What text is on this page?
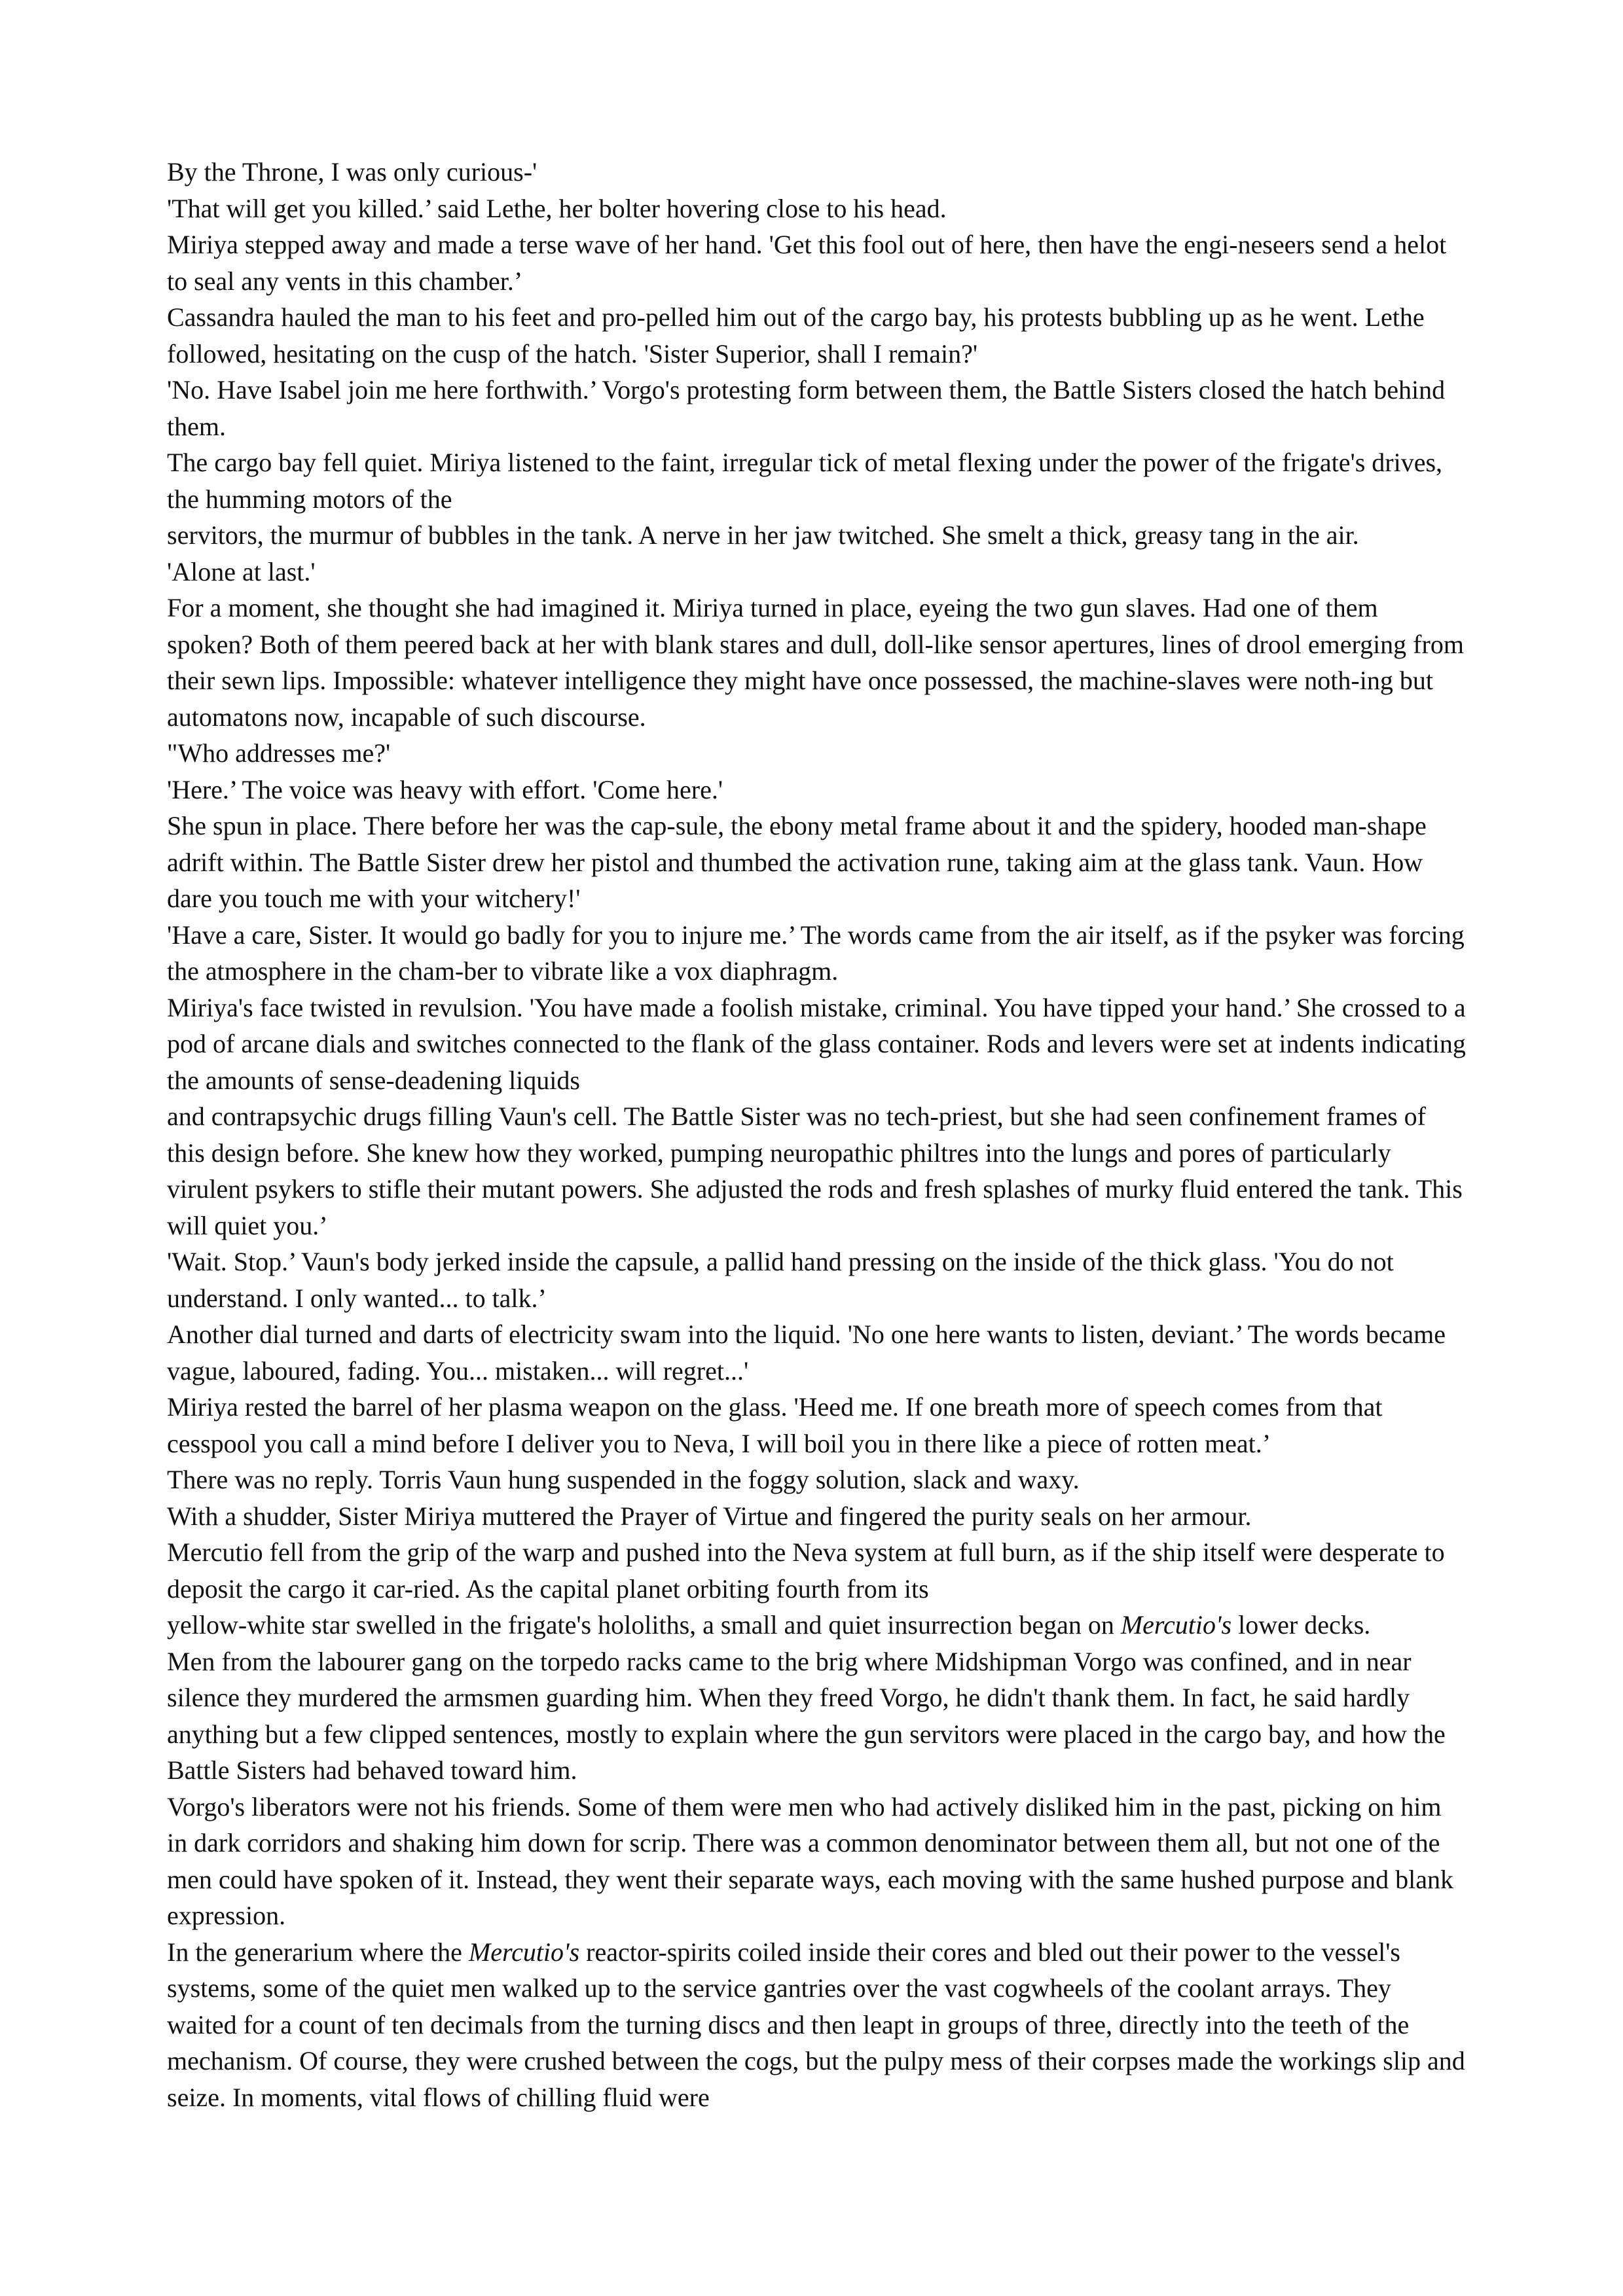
By the Throne, I was only curious-'

'That will get you killed.’ said Lethe, her bolter hovering close to his head.

Miriya stepped away and made a terse wave of her hand. 'Get this fool out of here, then have the engi-neseers send a helot to seal any vents in this chamber.’

Cassandra hauled the man to his feet and pro-pelled him out of the cargo bay, his protests bubbling up as he went. Lethe followed, hesitating on the cusp of the hatch. 'Sister Superior, shall I remain?'

'No. Have Isabel join me here forthwith.’ Vorgo's protesting form between them, the Battle Sisters closed the hatch behind them.

The cargo bay fell quiet. Miriya listened to the faint, irregular tick of metal flexing under the power of the frigate's drives, the humming motors of the

servitors, the murmur of bubbles in the tank. A nerve in her jaw twitched. She smelt a thick, greasy tang in the air.

'Alone at last.'

For a moment, she thought she had imagined it. Miriya turned in place, eyeing the two gun slaves. Had one of them spoken? Both of them peered back at her with blank stares and dull, doll-like sensor apertures, lines of drool emerging from their sewn lips. Impossible: whatever intelligence they might have once possessed, the machine-slaves were noth-ing but automatons now, incapable of such discourse.

"Who addresses me?'

'Here.’ The voice was heavy with effort. 'Come here.'

She spun in place. There before her was the cap-sule, the ebony metal frame about it and the spidery, hooded man-shape adrift within. The Battle Sister drew her pistol and thumbed the activation rune, taking aim at the glass tank. Vaun. How dare you touch me with your witchery!'

'Have a care, Sister. It would go badly for you to injure me.’ The words came from the air itself, as if the psyker was forcing the atmosphere in the cham-ber to vibrate like a vox diaphragm.

Miriya's face twisted in revulsion. 'You have made a foolish mistake, criminal. You have tipped your hand.’ She crossed to a pod of arcane dials and switches connected to the flank of the glass container. Rods and levers were set at indents indicating the amounts of sense-deadening liquids

and contrapsychic drugs filling Vaun's cell. The Battle Sister was no tech-priest, but she had seen confinement frames of this design before. She knew how they worked, pumping neuropathic philtres into the lungs and pores of particularly virulent psykers to stifle their mutant powers. She adjusted the rods and fresh splashes of murky fluid entered the tank. This will quiet you.’

'Wait. Stop.’ Vaun's body jerked inside the capsule, a pallid hand pressing on the inside of the thick glass. 'You do not understand. I only wanted... to talk.’

Another dial turned and darts of electricity swam into the liquid. 'No one here wants to listen, deviant.’ The words became vague, laboured, fading. You... mistaken... will regret...'

Miriya rested the barrel of her plasma weapon on the glass. 'Heed me. If one breath more of speech comes from that cesspool you call a mind before I deliver you to Neva, I will boil you in there like a piece of rotten meat.’

There was no reply. Torris Vaun hung suspended in the foggy solution, slack and waxy.

With a shudder, Sister Miriya muttered the Prayer of Virtue and fingered the purity seals on her armour.

Mercutio fell from the grip of the warp and pushed into the Neva system at full burn, as if the ship itself were desperate to deposit the cargo it car-ried. As the capital planet orbiting fourth from its

yellow-white star swelled in the frigate's hololiths, a small and quiet insurrection began on Mercutio's lower decks.

Men from the labourer gang on the torpedo racks came to the brig where Midshipman Vorgo was confined, and in near silence they murdered the armsmen guarding him. When they freed Vorgo, he didn't thank them. In fact, he said hardly anything but a few clipped sentences, mostly to explain where the gun servitors were placed in the cargo bay, and how the Battle Sisters had behaved toward him.

Vorgo's liberators were not his friends. Some of them were men who had actively disliked him in the past, picking on him in dark corridors and shaking him down for scrip. There was a common denominator between them all, but not one of the men could have spoken of it. Instead, they went their separate ways, each moving with the same hushed purpose and blank expression.

In the generarium where the Mercutio's reactor-spirits coiled inside their cores and bled out their power to the vessel's systems, some of the quiet men walked up to the service gantries over the vast cogwheels of the coolant arrays. They waited for a count of ten decimals from the turning discs and then leapt in groups of three, directly into the teeth of the mechanism. Of course, they were crushed between the cogs, but the pulpy mess of their corpses made the workings slip and seize. In moments, vital flows of chilling fluid were
